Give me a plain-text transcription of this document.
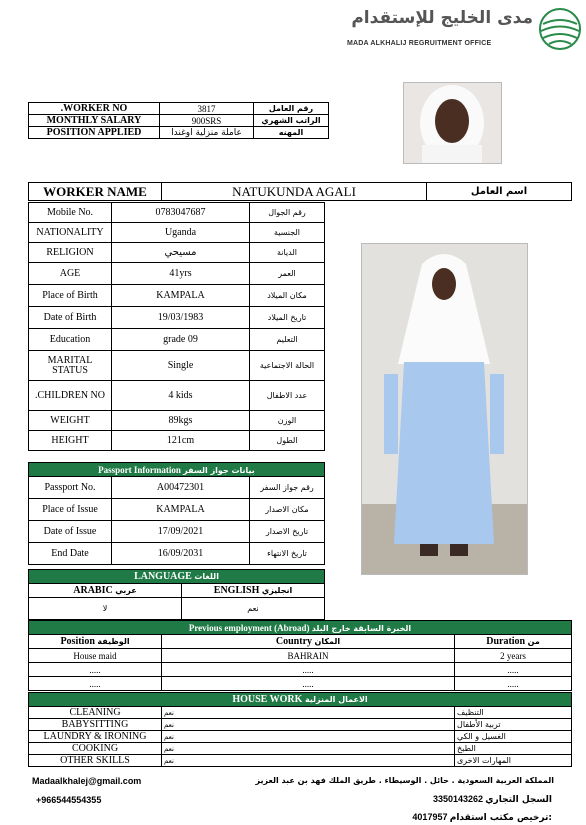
مدى الخليج للإستقدام
MADA ALKHALIJ REGRUITMENT OFFICE
.WORKER NO	3817	رقم العامل
MONTHLY SALARY	900SRS	الراتب الشهري
POSITION APPLIED	عاملة منزلية اوغندا	المهنه
WORKER NAME	NATUKUNDA AGALI	اسم العامل
Mobile No.	0783047687	رقم الجوال
NATIONALITY	Uganda	الجنسية
RELIGION	مسيحي	الديانة
AGE	41yrs	العمر
Place of Birth	KAMPALA	مكان الميلاد
Date of Birth	19/03/1983	تاريخ الميلاد
Education	grade 09	التعليم
MARITAL STATUS	Single	الحالة الاجتماعية
.CHILDREN NO	4 kids	عدد الاطفال
WEIGHT	89kgs	الوزن
HEIGHT	121cm	الطول
Passport Information بيانات جواز السفر		
Passport No.	A00472301	رقم جواز السفر
Place of Issue	KAMPALA	مكان الاصدار
Date of Issue	17/09/2021	تاريخ الاصدار
End Date	16/09/2031	تاريخ الانتهاء
LANGUAGE اللغات	
ARABIC عربي	ENGLISH انجليزي
لا	نعم
Previous employment (Abroad) الخبرة السابقة خارج البلد		
Position الوظيفة	Country المكان	Duration من
House maid	BAHRAIN	2 years
.....	.....	.....
.....	.....	.....
HOUSE WORK الاعمال المنزلية		
CLEANING	نعم	التنظيف
BABYSITTING	نعم	تربية الأطفال
LAUNDRY & IRONING	نعم	الغسيل و الكي
COOKING	نعم	الطبخ
OTHER SKILLS	نعم	المهارات الاخرى
Madaalkhalej@gmail.com
+966544554355
المملكة العربية السعودية . حائل . الوسيطاء . طريق الملك فهد بن عبد العزيز
3350143262 السجل التجاري
4017957 ترخيص مكتب استقدام:
